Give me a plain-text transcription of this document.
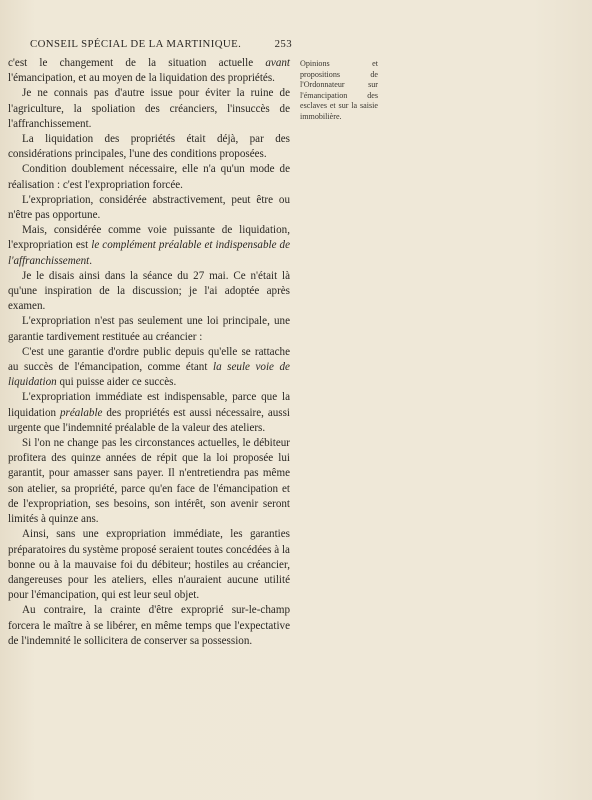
CONSEIL SPÉCIAL DE LA MARTINIQUE.	253

c'est le changement de la situation actuelle avant l'émancipation, et au moyen de la liquidation des propriétés.

Je ne connais pas d'autre issue pour éviter la ruine de l'agriculture, la spoliation des créanciers, l'insuccès de l'affranchissement.

La liquidation des propriétés était déjà, par des considérations principales, l'une des conditions proposées.

Condition doublement nécessaire, elle n'a qu'un mode de réalisation : c'est l'expropriation forcée.

L'expropriation, considérée abstractivement, peut être ou n'être pas opportune.

Mais, considérée comme voie puissante de liquidation, l'expropriation est le complément préalable et indispensable de l'affranchissement.

Je le disais ainsi dans la séance du 27 mai. Ce n'était là qu'une inspiration de la discussion; je l'ai adoptée après examen.

L'expropriation n'est pas seulement une loi principale, une garantie tardivement restituée au créancier :

C'est une garantie d'ordre public depuis qu'elle se rattache au succès de l'émancipation, comme étant la seule voie de liquidation qui puisse aider ce succès.

L'expropriation immédiate est indispensable, parce que la liquidation préalable des propriétés est aussi nécessaire, aussi urgente que l'indemnité préalable de la valeur des ateliers.

Si l'on ne change pas les circonstances actuelles, le débiteur profitera des quinze années de répit que la loi proposée lui garantit, pour amasser sans payer. Il n'entretiendra pas même son atelier, sa propriété, parce qu'en face de l'émancipation et de l'expropriation, ses besoins, son intérêt, son avenir seront limités à quinze ans.

Ainsi, sans une expropriation immédiate, les garanties préparatoires du système proposé seraient toutes concédées à la bonne ou à la mauvaise foi du débiteur; hostiles au créancier, dangereuses pour les ateliers, elles n'auraient aucune utilité pour l'émancipation, qui est leur seul objet.

Au contraire, la crainte d'être exproprié sur-le-champ forcera le maître à se libérer, en même temps que l'expectative de l'indemnité le sollicitera de conserver sa possession.

Opinions et propositions de l'Ordonnateur sur l'émancipation des esclaves et sur la saisie immobilière.
